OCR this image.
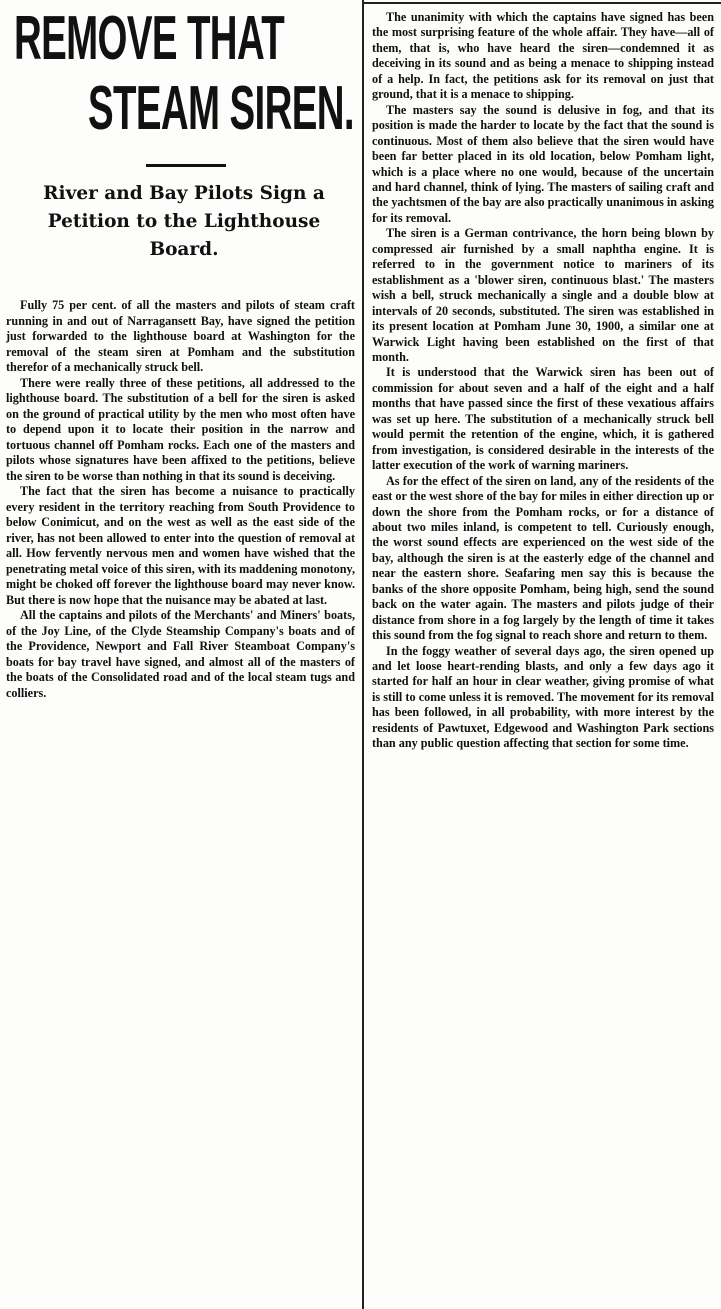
REMOVE THAT
STEAM SIREN.
River and Bay Pilots Sign a Petition to the Lighthouse Board.

Fully 75 per cent. of all the masters and pilots of steam craft running in and out of Narragansett Bay, have signed the petition just forwarded to the lighthouse board at Washington for the removal of the steam siren at Pomham and the substitution therefor of a mechanically struck bell.

There were really three of these petitions, all addressed to the lighthouse board. The substitution of a bell for the siren is asked on the ground of practical utility by the men who most often have to depend upon it to locate their position in the narrow and tortuous channel off Pomham rocks. Each one of the masters and pilots whose signatures have been affixed to the petitions, believe the siren to be worse than nothing in that its sound is deceiving.

The fact that the siren has become a nuisance to practically every resident in the territory reaching from South Providence to below Conimicut, and on the west as well as the east side of the river, has not been allowed to enter into the question of removal at all. How fervently nervous men and women have wished that the penetrating metal voice of this siren, with its maddening monotony, might be choked off forever the lighthouse board may never know. But there is now hope that the nuisance may be abated at last.

All the captains and pilots of the Merchants' and Miners' boats, of the Joy Line, of the Clyde Steamship Company's boats and of the Providence, Newport and Fall River Steamboat Company's boats for bay travel have signed, and almost all of the masters of the boats of the Consolidated road and of the local steam tugs and colliers.

The unanimity with which the captains have signed has been the most surprising feature of the whole affair. They have—all of them, that is, who have heard the siren—condemned it as deceiving in its sound and as being a menace to shipping instead of a help. In fact, the petitions ask for its removal on just that ground, that it is a menace to shipping.

The masters say the sound is delusive in fog, and that its position is made the harder to locate by the fact that the sound is continuous. Most of them also believe that the siren would have been far better placed in its old location, below Pomham light, which is a place where no one would, because of the uncertain and hard channel, think of lying. The masters of sailing craft and the yachtsmen of the bay are also practically unanimous in asking for its removal.

The siren is a German contrivance, the horn being blown by compressed air furnished by a small naphtha engine. It is referred to in the government notice to mariners of its establishment as a 'blower siren, continuous blast.' The masters wish a bell, struck mechanically a single and a double blow at intervals of 20 seconds, substituted. The siren was established in its present location at Pomham June 30, 1900, a similar one at Warwick Light having been established on the first of that month.

It is understood that the Warwick siren has been out of commission for about seven and a half of the eight and a half months that have passed since the first of these vexatious affairs was set up here. The substitution of a mechanically struck bell would permit the retention of the engine, which, it is gathered from investigation, is considered desirable in the interests of the latter execution of the work of warning mariners.

As for the effect of the siren on land, any of the residents of the east or the west shore of the bay for miles in either direction up or down the shore from the Pomham rocks, or for a distance of about two miles inland, is competent to tell. Curiously enough, the worst sound effects are experienced on the west side of the bay, although the siren is at the easterly edge of the channel and near the eastern shore. Seafaring men say this is because the banks of the shore opposite Pomham, being high, send the sound back on the water again. The masters and pilots judge of their distance from shore in a fog largely by the length of time it takes this sound from the fog signal to reach shore and return to them.

In the foggy weather of several days ago, the siren opened up and let loose heart-rending blasts, and only a few days ago it started for half an hour in clear weather, giving promise of what is still to come unless it is removed. The movement for its removal has been followed, in all probability, with more interest by the residents of Pawtuxet, Edgewood and Washington Park sections than any public question affecting that section for some time.
